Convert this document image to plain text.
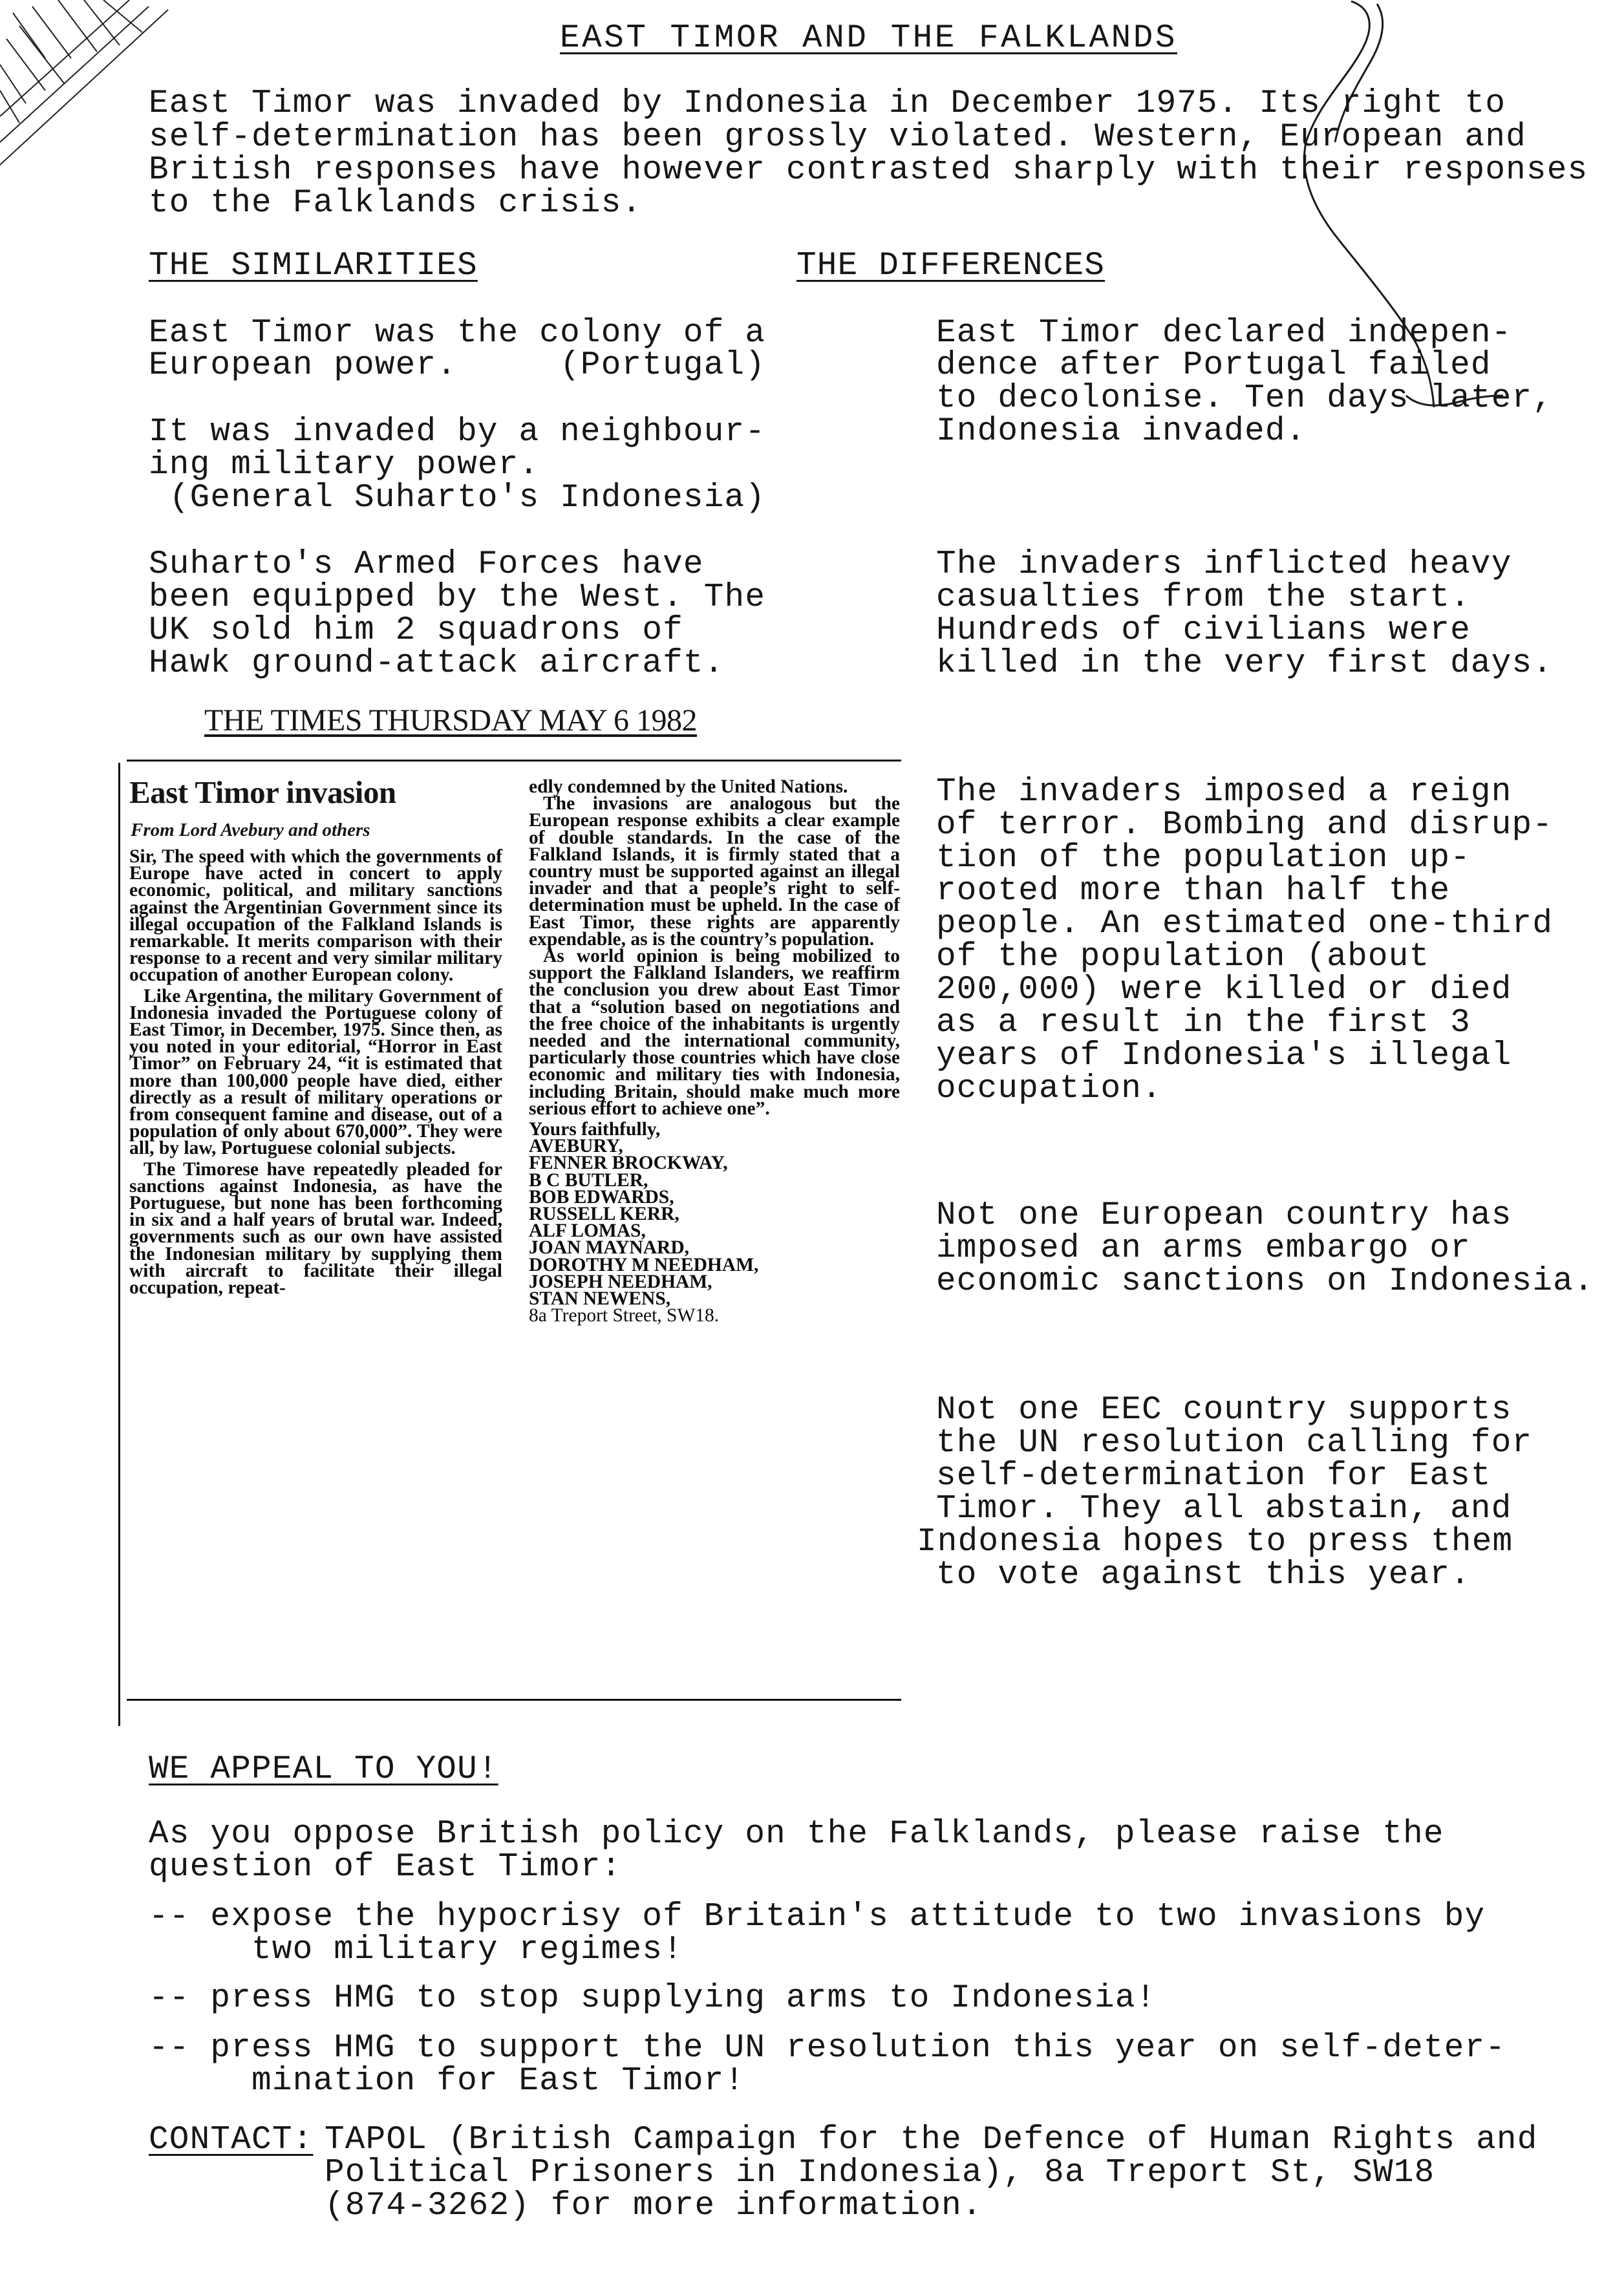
EAST TIMOR AND THE FALKLANDS
East Timor was invaded by Indonesia in December 1975. Its right to
self-determination has been grossly violated. Western, European and
British responses have however contrasted sharply with their responses
to the Falklands crisis.
THE SIMILARITIES	THE DIFFERENCES
East Timor was the colony of a
European power.     (Portugal)
It was invaded by a neighbour-
ing military power.
(General Suharto's Indonesia)
Suharto's Armed Forces have
been equipped by the West. The
UK sold him 2 squadrons of
Hawk ground-attack aircraft.
East Timor declared indepen-
dence after Portugal failed
to decolonise. Ten days later,
Indonesia invaded.
The invaders inflicted heavy
casualties from the start.
Hundreds of civilians were
killed in the very first days.
The invaders imposed a reign
of terror. Bombing and disrup-
tion of the population up-
rooted more than half the
people. An estimated one-third
of the population (about
200,000) were killed or died
as a result in the first 3
years of Indonesia's illegal
occupation.
Not one European country has
imposed an arms embargo or
economic sanctions on Indonesia.
Not one EEC country supports
the UN resolution calling for
self-determination for East
Timor. They all abstain, and
Indonesia hopes to press them
to vote against this year.
THE TIMES THURSDAY MAY 6 1982
East Timor invasion
From Lord Avebury and others

Sir, The speed with which the governments of Europe have acted in concert to apply economic, political, and military sanctions against the Argentinian Government since its illegal occupation of the Falkland Islands is remarkable. It merits comparison with their response to a recent and very similar military occupation of another European colony.

Like Argentina, the military Government of Indonesia invaded the Portuguese colony of East Timor, in December, 1975. Since then, as you noted in your editorial, “Horror in East Timor” on February 24, “it is estimated that more than 100,000 people have died, either directly as a result of military operations or from consequent famine and disease, out of a population of only about 670,000”. They were all, by law, Portuguese colonial subjects.

The Timorese have repeatedly pleaded for sanctions against Indonesia, as have the Portuguese, but none has been forthcoming in six and a half years of brutal war. Indeed, governments such as our own have assisted the Indonesian military by supplying them with aircraft to facilitate their illegal occupation, repeat-

edly condemned by the United Nations.

The invasions are analogous but the European response exhibits a clear example of double standards. In the case of the Falkland Islands, it is firmly stated that a country must be supported against an illegal invader and that a people’s right to self-determination must be upheld. In the case of East Timor, these rights are apparently expendable, as is the country’s population.

As world opinion is being mobilized to support the Falkland Islanders, we reaffirm the conclusion you drew about East Timor that a “solution based on negotiations and the free choice of the inhabitants is urgently needed and the international community, particularly those countries which have close economic and military ties with Indonesia, including Britain, should make much more serious effort to achieve one”.

Yours faithfully,
AVEBURY,
FENNER BROCKWAY,
B C BUTLER,
BOB EDWARDS,
RUSSELL KERR,
ALF LOMAS,
JOAN MAYNARD,
DOROTHY M NEEDHAM,
JOSEPH NEEDHAM,
STAN NEWENS,
8a Treport Street, SW18.
WE APPEAL TO YOU!
As you oppose British policy on the Falklands, please raise the
question of East Timor:
-- expose the hypocrisy of Britain's attitude to two invasions by
two military regimes!
-- press HMG to stop supplying arms to Indonesia!
-- press HMG to support the UN resolution this year on self-deter-
mination for East Timor!
CONTACT: TAPOL (British Campaign for the Defence of Human Rights and
Political Prisoners in Indonesia), 8a Treport St, SW18
(874-3262) for more information.
